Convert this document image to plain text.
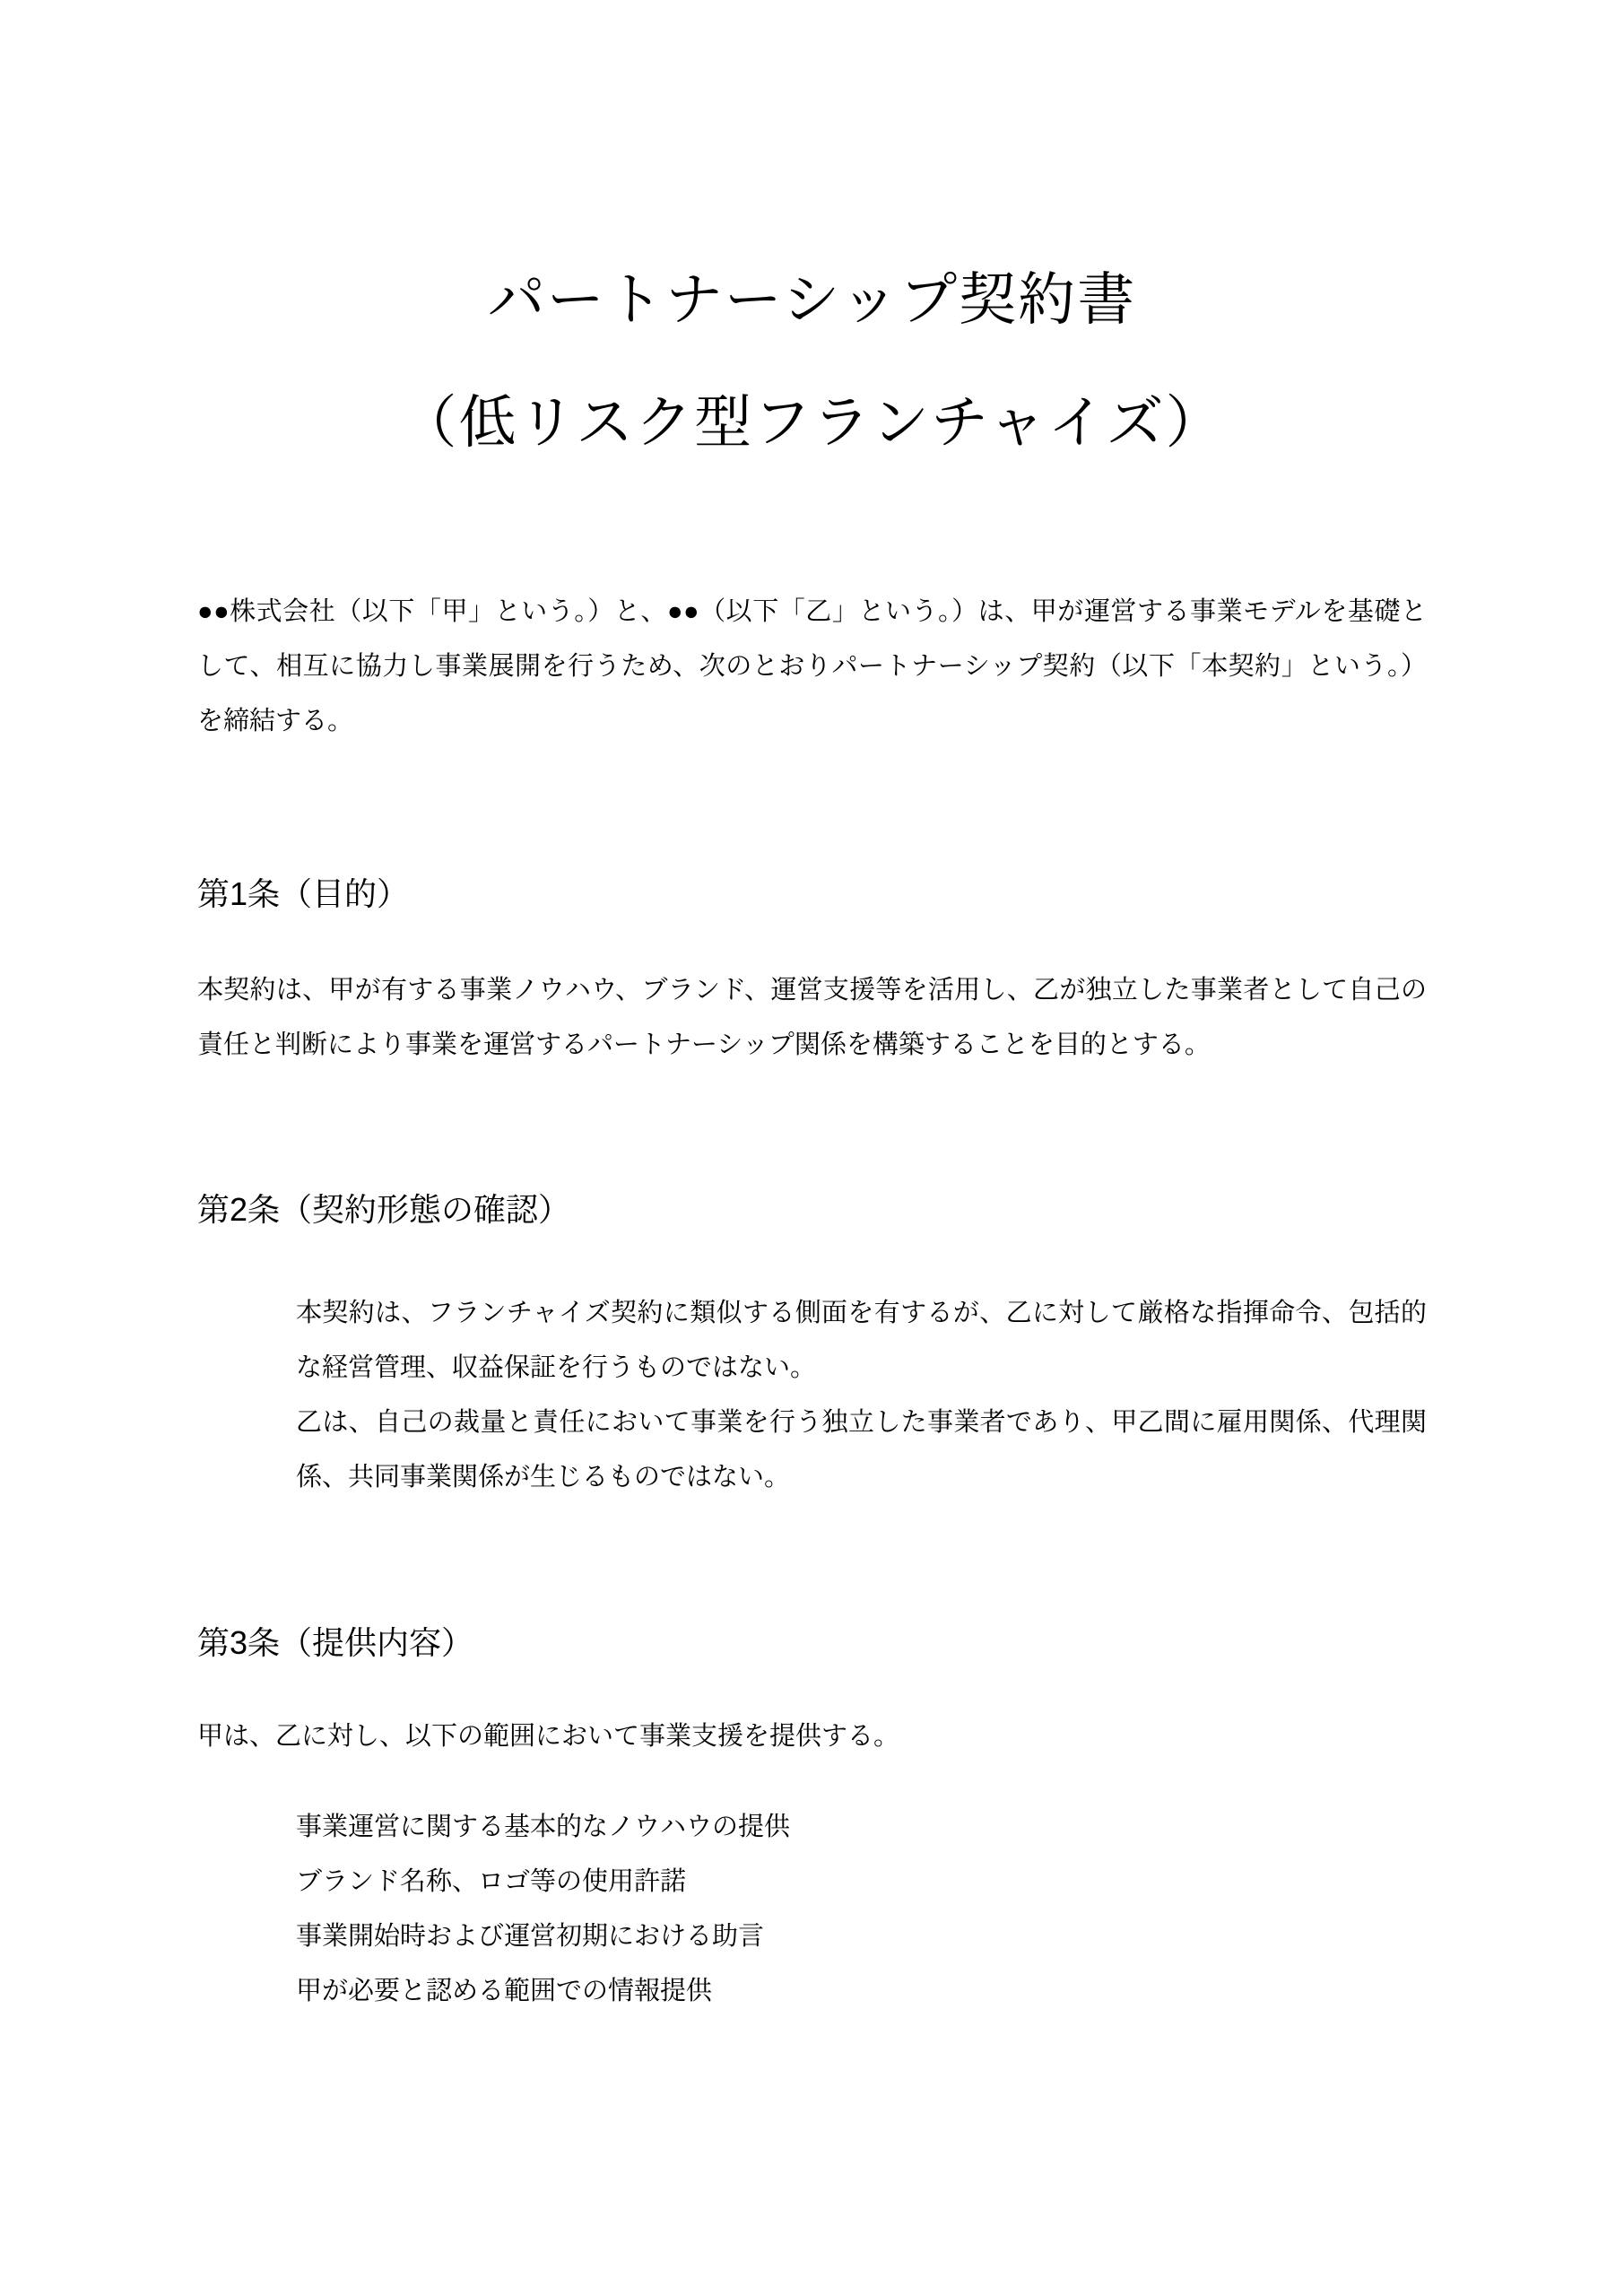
パートナーシップ契約書
（低リスク型フランチャイズ）
●●株式会社（以下「甲」という。）と、●●（以下「乙」という。）は、甲が運営する事業モデルを基礎として、相互に協力し事業展開を行うため、次のとおりパートナーシップ契約（以下「本契約」という。）を締結する。
第1条（目的）
本契約は、甲が有する事業ノウハウ、ブランド、運営支援等を活用し、乙が独立した事業者として自己の責任と判断により事業を運営するパートナーシップ関係を構築することを目的とする。
第2条（契約形態の確認）

本契約は、フランチャイズ契約に類似する側面を有するが、乙に対して厳格な指揮命令、包括的な経営管理、収益保証を行うものではない。

乙は、自己の裁量と責任において事業を行う独立した事業者であり、甲乙間に雇用関係、代理関係、共同事業関係が生じるものではない。

第3条（提供内容）
甲は、乙に対し、以下の範囲において事業支援を提供する。

事業運営に関する基本的なノウハウの提供

ブランド名称、ロゴ等の使用許諾

事業開始時および運営初期における助言

甲が必要と認める範囲での情報提供
